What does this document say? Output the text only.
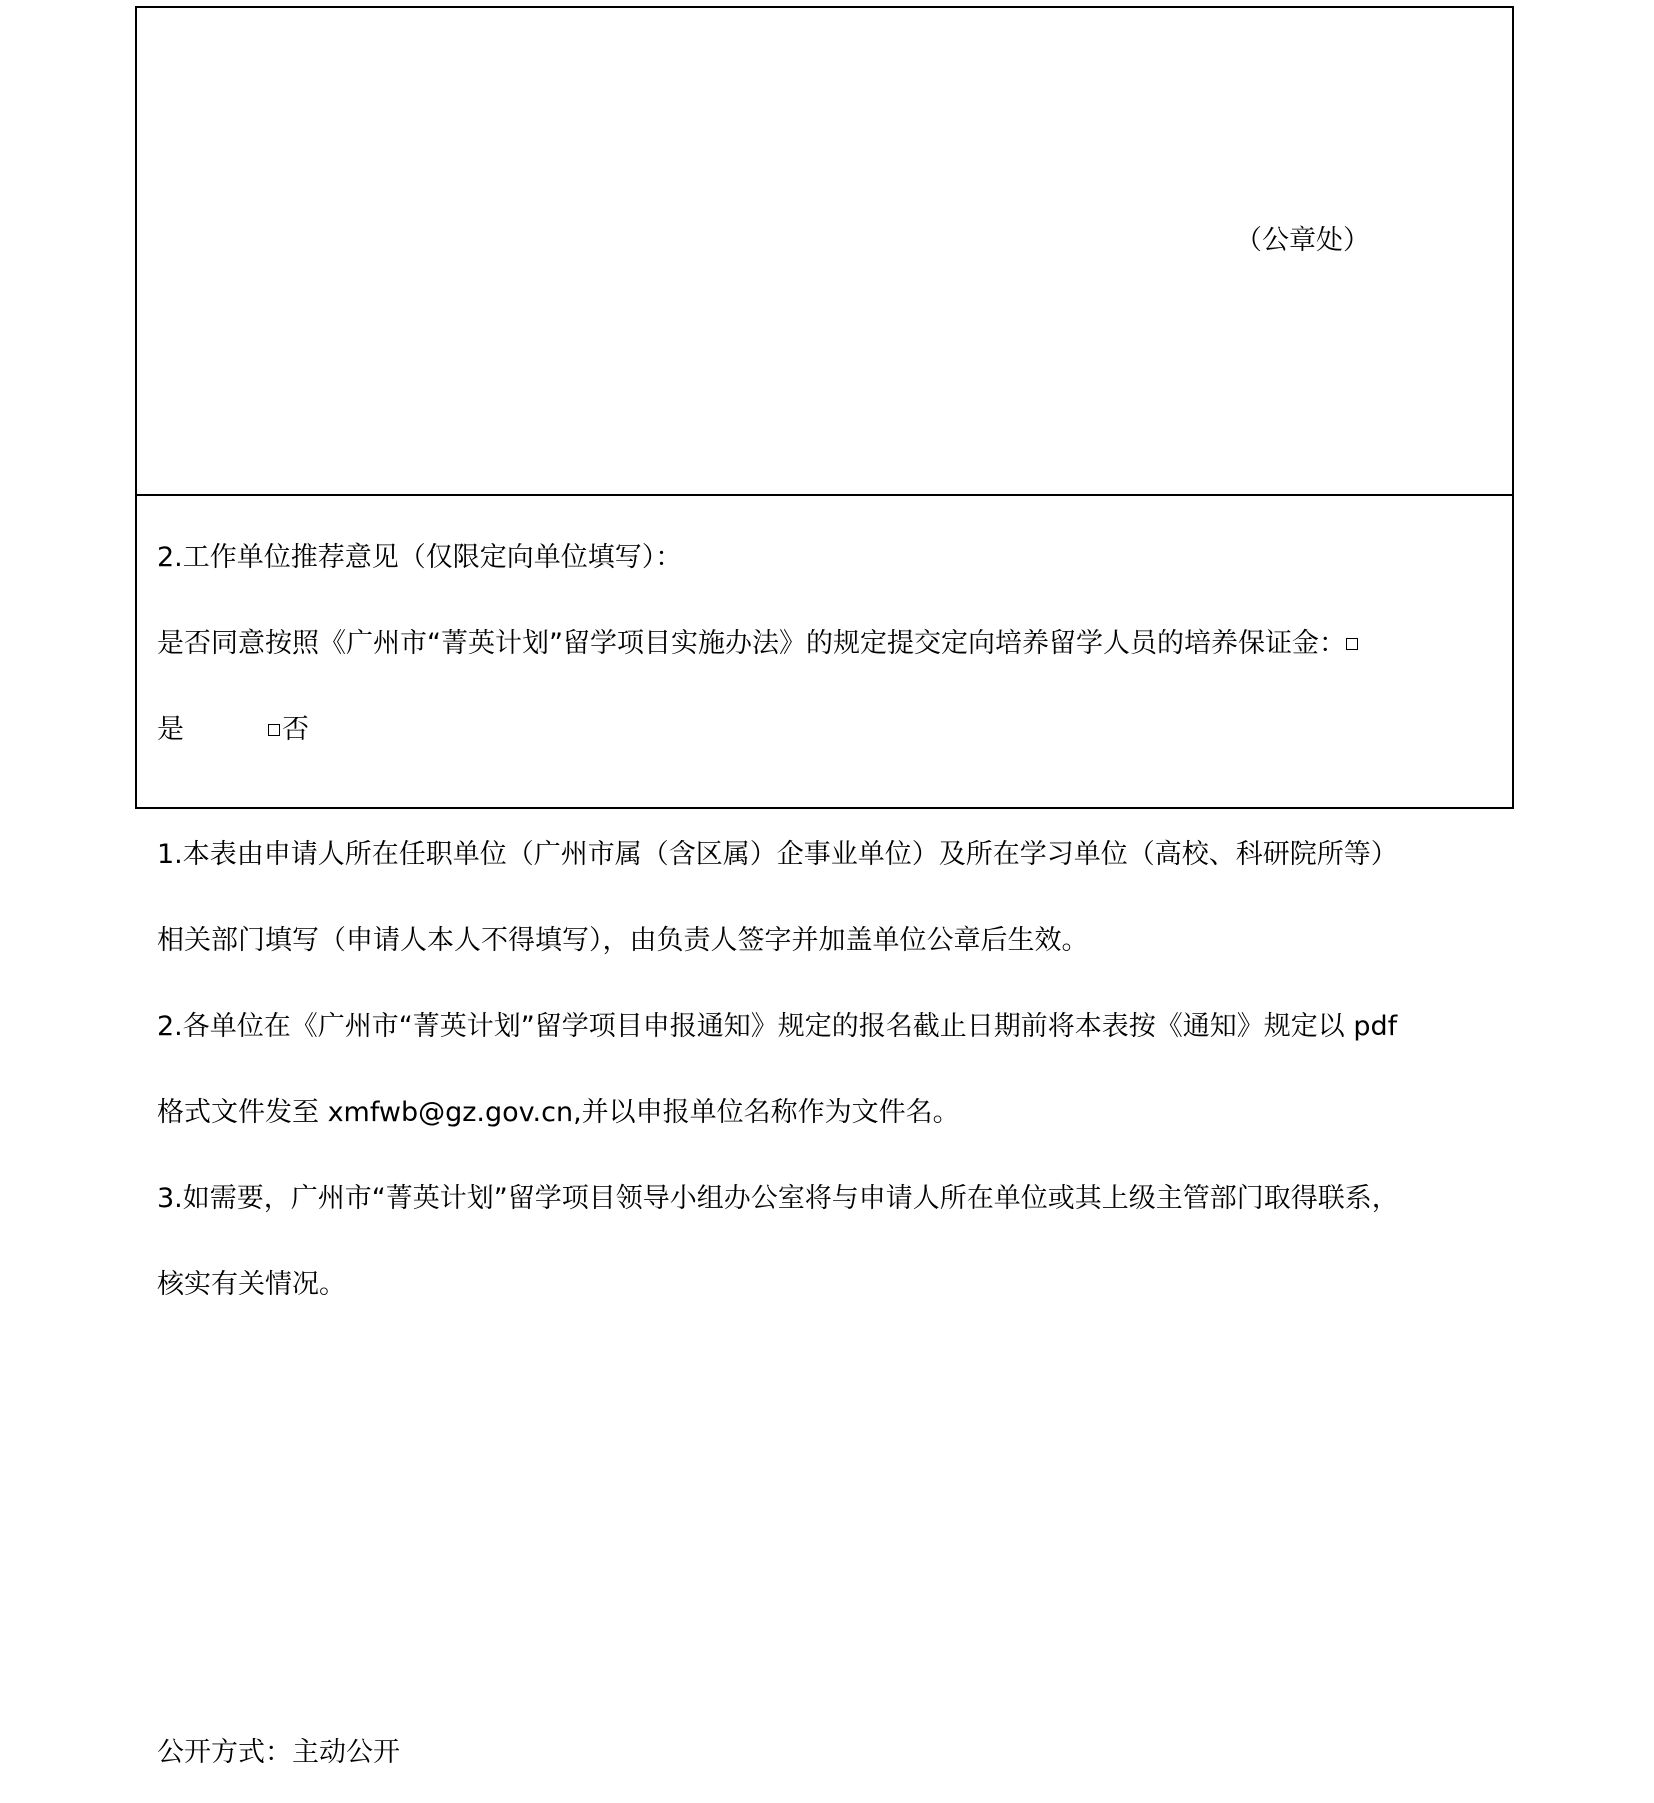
（公章处）
2.工作单位推荐意见（仅限定向单位填写）：
是否同意按照《广州市“菁英计划”留学项目实施办法》的规定提交定向培养留学人员的培养保证金：
是	否
1.本表由申请人所在任职单位（广州市属（含区属）企事业单位）及所在学习单位（高校、科研院所等）
相关部门填写（申请人本人不得填写），由负责人签字并加盖单位公章后生效。
2.各单位在《广州市“菁英计划”留学项目申报通知》规定的报名截止日期前将本表按《通知》规定以 pdf
格式文件发至 xmfwb@gz.gov.cn,并以申报单位名称作为文件名。
3.如需要，广州市“菁英计划”留学项目领导小组办公室将与申请人所在单位或其上级主管部门取得联系，
核实有关情况。
公开方式：主动公开
